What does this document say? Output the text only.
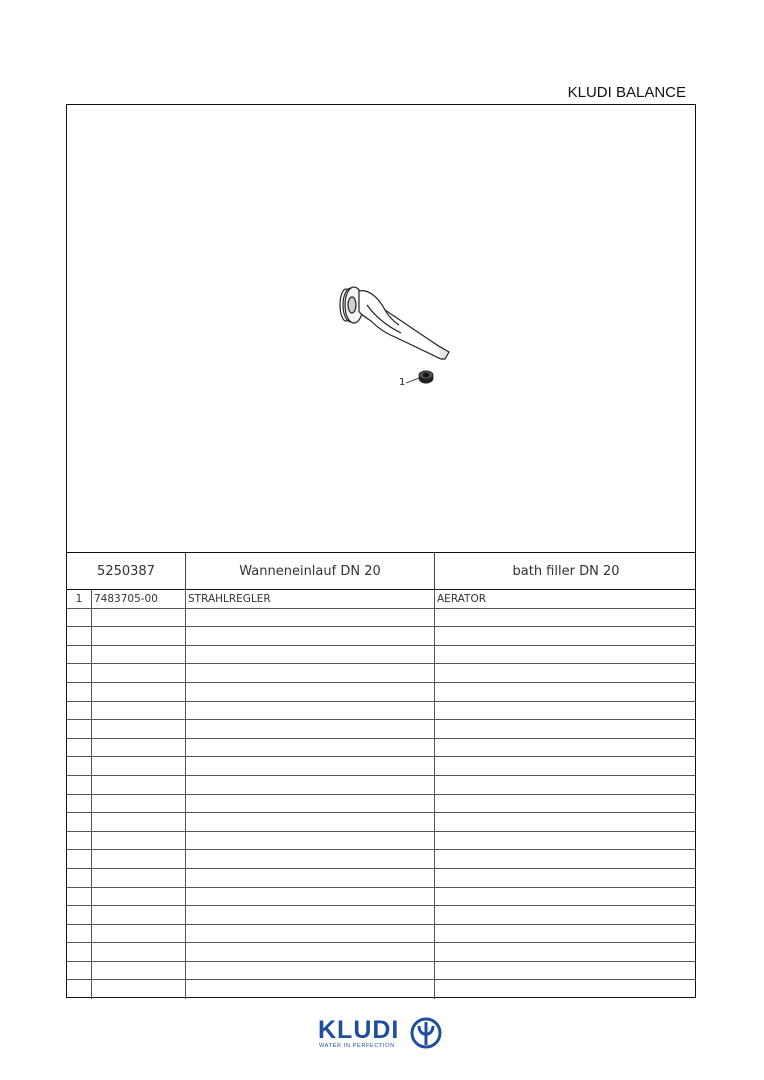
KLUDI BALANCE
1
5250387	Wanneneinlauf DN 20	bath filler DN 20
1	7483705-00	STRAHLREGLER	AERATOR
KLUDI
WATER IN PERFECTION
